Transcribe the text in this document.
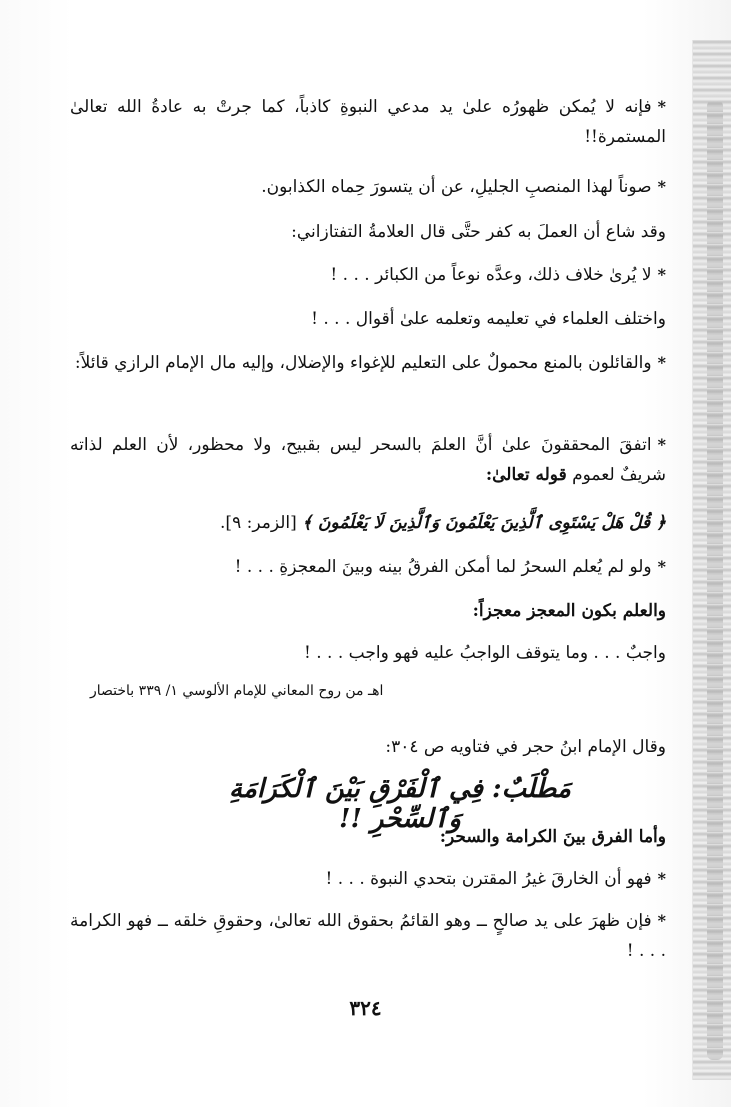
*فإنه لا يُمكن ظهورُه علىٰ يد مدعي النبوةِ كاذباً، كما جرتْ به عادةُ الله تعالىٰ المستمرة!!
*صوناً لهذا المنصبِ الجليلِ، عن أن يتسورَ حِماه الكذابون.
وقد شاع أن العملَ به كفر حتَّى قال العلامةُ التفتازاني:
*لا يُرىٰ خلاف ذلك، وعدَّه نوعاً من الكبائر . . . !
واختلف العلماء في تعليمه وتعلمه علىٰ أقوال . . . !
*والقائلون بالمنع محمولٌ على التعليم للإغواء والإضلال، وإليه مال الإمام الرازي قائلاً:
*اتفقَ المحققونَ علىٰ أنَّ العلمَ بالسحر ليس بقبيح، ولا محظور، لأن العلم لذاته شريفٌ لعموم قوله تعالىٰ:
﴿ قُلْ هَلْ يَسْتَوِى ٱلَّذِينَ يَعْلَمُونَ وَٱلَّذِينَ لَا يَعْلَمُونَ ﴾ [الزمر: ٩].
*ولو لم يُعلم السحرُ لما أمكن الفرقُ بينه وبينَ المعجزةِ . . . !
والعلم بكون المعجز معجزاً:
واجبٌ . . . وما يتوقف الواجبُ عليه فهو واجب . . . !
اهـ من روح المعاني للإمام الألوسي ١/ ٣٣٩ باختصار
وقال الإمام ابنُ حجر في فتاويه ص ٣٠٤:
مَطْلَبٌ: فِي ٱلْفَرْقِ بَيْنَ ٱلْكَرَامَةِ وَٱلسِّحْرِ !!
وأما الفرق بينَ الكرامة والسحر:
*فهو أن الخارقَ غيرُ المقترن بتحدي النبوة . . . !
*فإن ظهرَ على يد صالحٍ ــ وهو القائمُ بحقوق الله تعالىٰ، وحقوقِ خلقه ــ فهو الكرامة . . . !
٣٢٤
